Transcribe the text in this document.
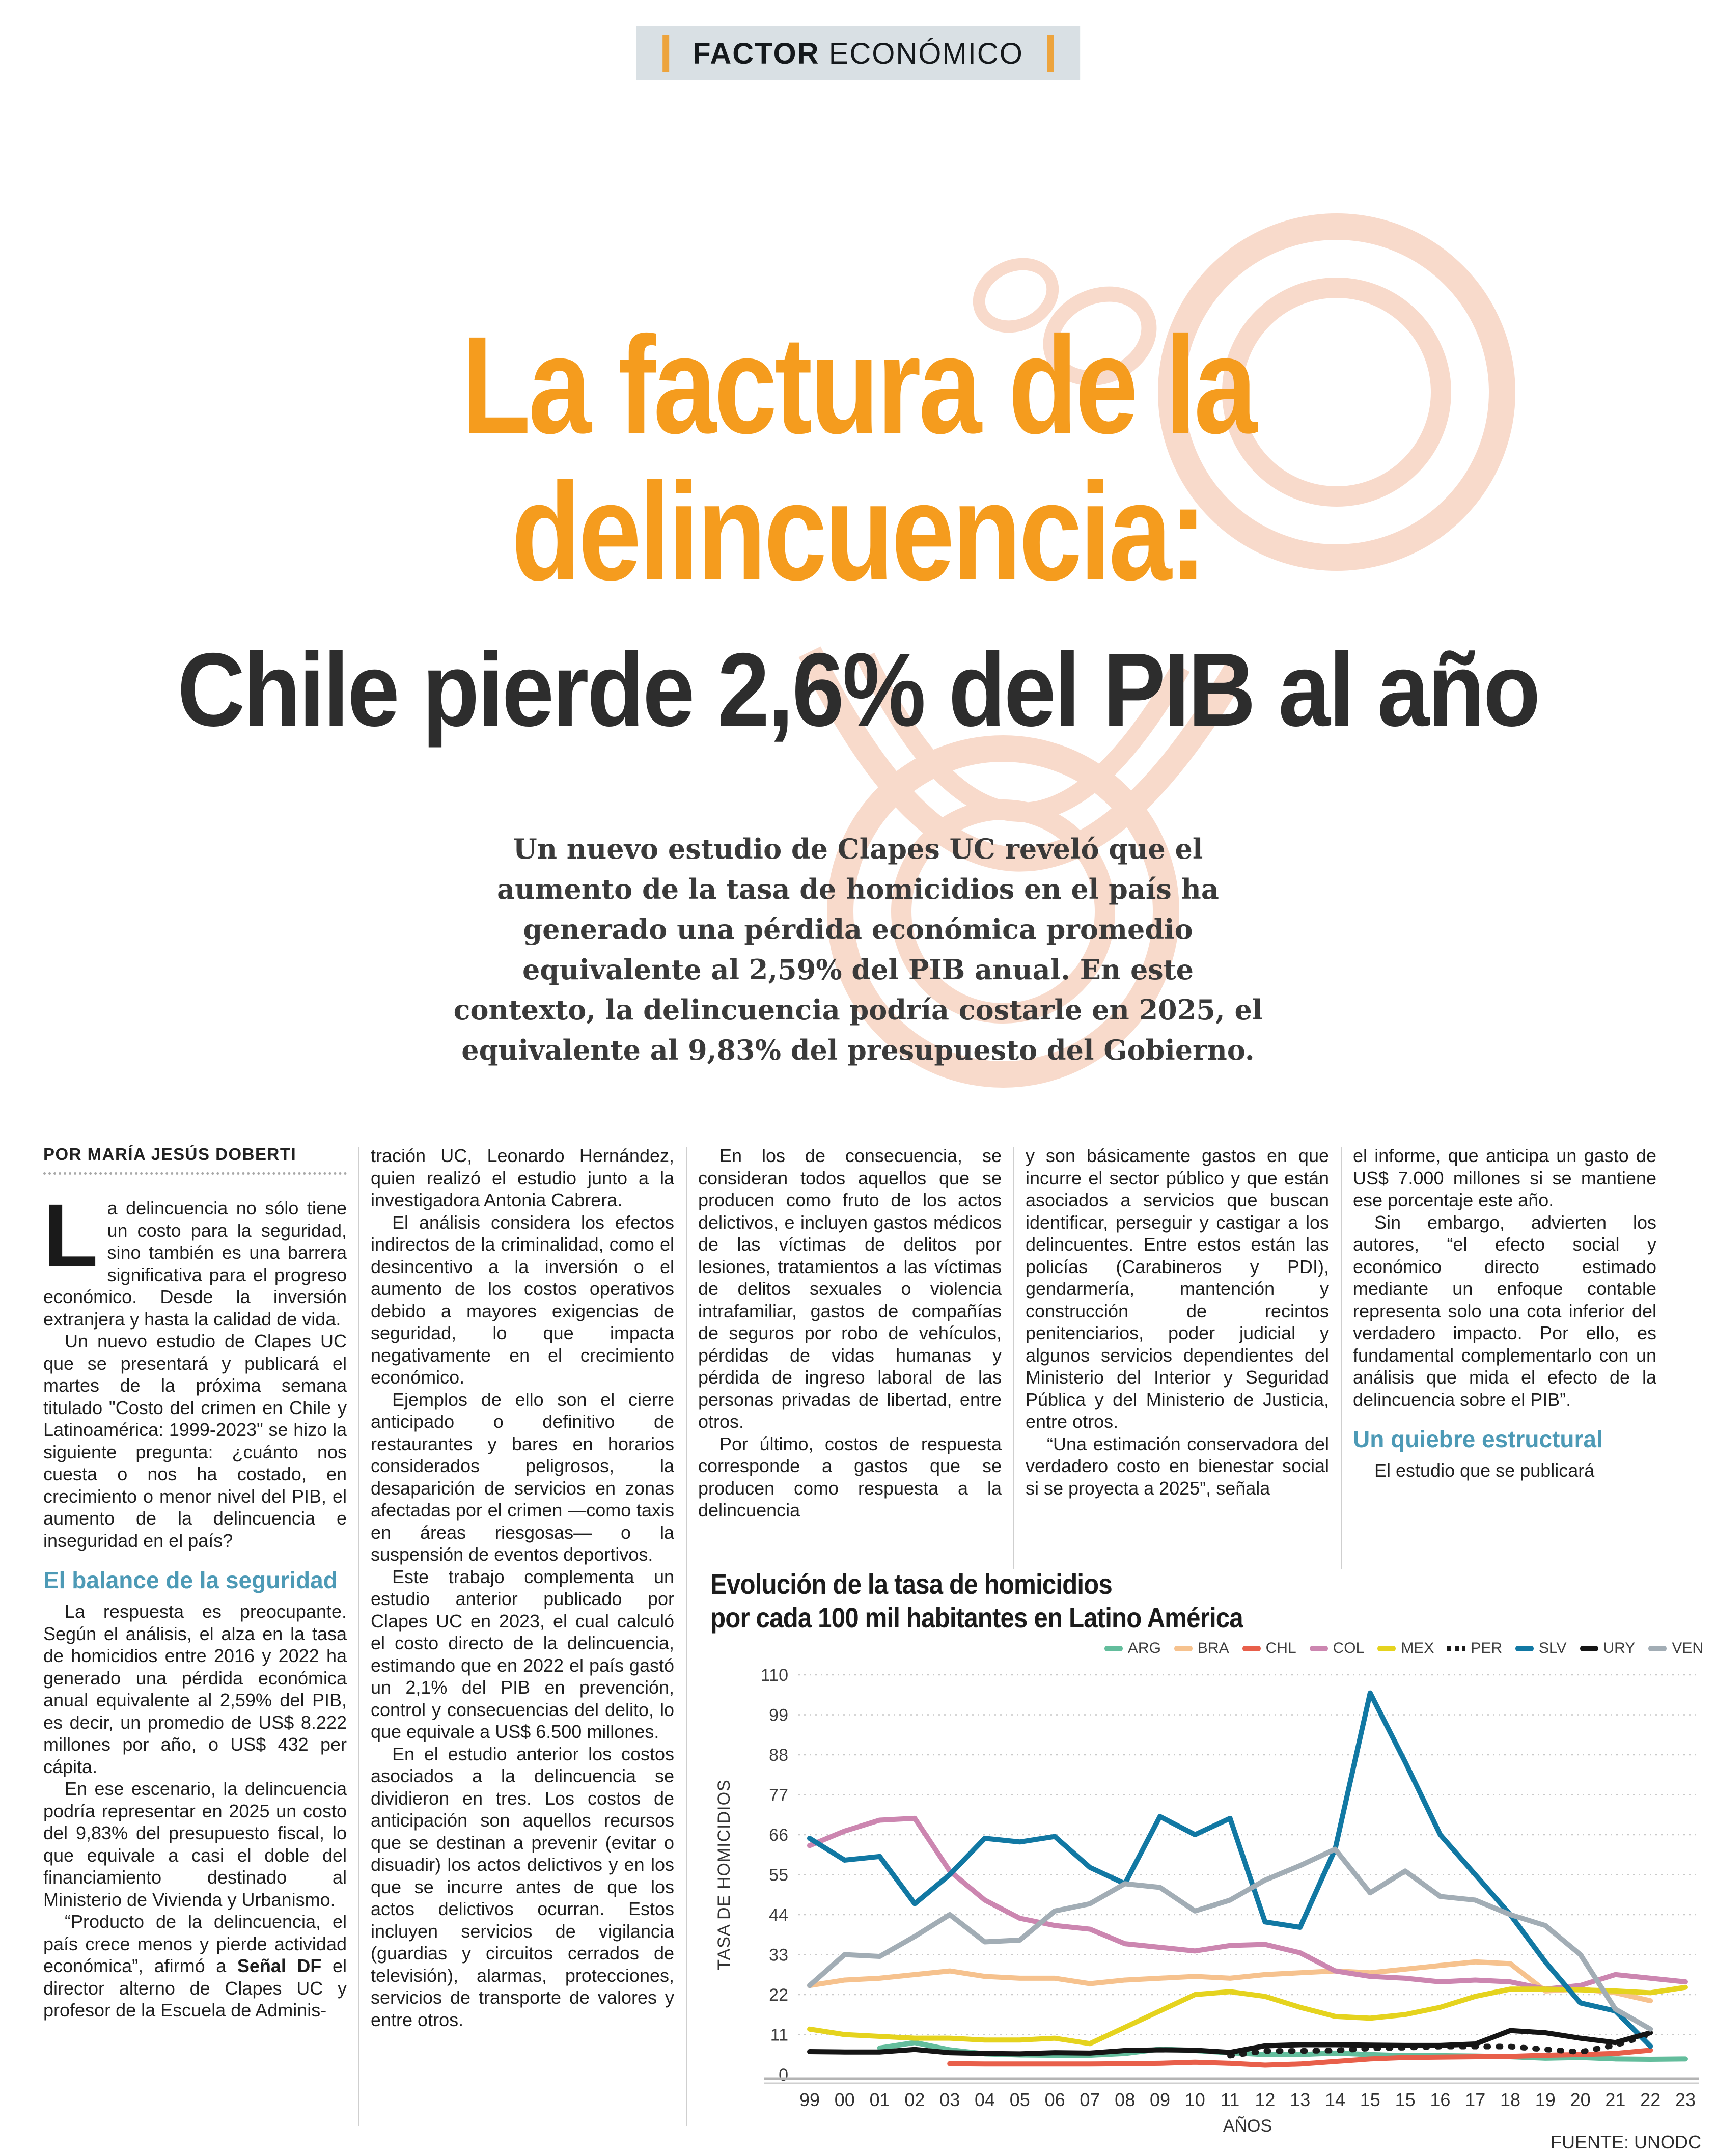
FACTOR ECONÓMICO
La factura de la
delincuencia:
Chile pierde 2,6% del PIB al año
Un nuevo estudio de Clapes UC reveló que el aumento de la tasa de homicidios en el país ha generado una pérdida económica promedio equivalente al 2,59% del PIB anual. En este contexto, la delincuencia podría costarle en 2025, el equivalente al 9,83% del presupuesto del Gobierno.
POR MARÍA JESÚS DOBERTI

La delincuencia no sólo tiene un costo para la seguridad, sino también es una barrera significativa para el progreso económico. Desde la inversión extranjera y hasta la calidad de vida.

Un nuevo estudio de Clapes UC que se presentará y publicará el martes de la próxima semana titulado "Costo del crimen en Chile y Latinoamérica: 1999-2023" se hizo la siguiente pregunta: ¿cuánto nos cuesta o nos ha costado, en crecimiento o menor nivel del PIB, el aumento de la delincuencia e inseguridad en el país?

El balance de la seguridad

La respuesta es preocupante. Según el análisis, el alza en la tasa de homicidios entre 2016 y 2022 ha generado una pérdida económica anual equivalente al 2,59% del PIB, es decir, un promedio de US$ 8.222 millones por año, o US$ 432 per cápita.

En ese escenario, la delincuencia podría representar en 2025 un costo del 9,83% del presupuesto fiscal, lo que equivale a casi el doble del financiamiento destinado al Ministerio de Vivienda y Urbanismo.

“Producto de la delincuencia, el país crece menos y pierde actividad económica”, afirmó a Señal DF el director alterno de Clapes UC y profesor de la Escuela de Adminis-

tración UC, Leonardo Hernández, quien realizó el estudio junto a la investigadora Antonia Cabrera.

El análisis considera los efectos indirectos de la criminalidad, como el desincentivo a la inversión o el aumento de los costos operativos debido a mayores exigencias de seguridad, lo que impacta negativamente en el crecimiento económico.

Ejemplos de ello son el cierre anticipado o definitivo de restaurantes y bares en horarios considerados peligrosos, la desaparición de servicios en zonas afectadas por el crimen —como taxis en áreas riesgosas— o la suspensión de eventos deportivos.

Este trabajo complementa un estudio anterior publicado por Clapes UC en 2023, el cual calculó el costo directo de la delincuencia, estimando que en 2022 el país gastó un 2,1% del PIB en prevención, control y consecuencias del delito, lo que equivale a US$ 6.500 millones.

En el estudio anterior los costos asociados a la delincuencia se dividieron en tres. Los costos de anticipación son aquellos recursos que se destinan a prevenir (evitar o disuadir) los actos delictivos y en los que se incurre antes de que los actos delictivos ocurran. Estos incluyen servicios de vigilancia (guardias y circuitos cerrados de televisión), alarmas, protecciones, servicios de transporte de valores y entre otros.

En los de consecuencia, se consideran todos aquellos que se producen como fruto de los actos delictivos, e incluyen gastos médicos de las víctimas de delitos por lesiones, tratamientos a las víctimas de delitos sexuales o violencia intrafamiliar, gastos de compañías de seguros por robo de vehículos, pérdidas de vidas humanas y pérdida de ingreso laboral de las personas privadas de libertad, entre otros.

Por último, costos de respuesta corresponde a gastos que se producen como respuesta a la delincuencia

y son básicamente gastos en que incurre el sector público y que están asociados a servicios que buscan identificar, perseguir y castigar a los delincuentes. Entre estos están las policías (Carabineros y PDI), gendarmería, mantención y construcción de recintos penitenciarios, poder judicial y algunos servicios dependientes del Ministerio del Interior y Seguridad Pública y del Ministerio de Justicia, entre otros.

“Una estimación conservadora del verdadero costo en bienestar social si se proyecta a 2025”, señala

el informe, que anticipa un gasto de US$ 7.000 millones si se mantiene ese porcentaje este año.

Sin embargo, advierten los autores, “el efecto social y económico directo estimado mediante un enfoque contable representa solo una cota inferior del verdadero impacto. Por ello, es fundamental complementarlo con un análisis que mida el efecto de la delincuencia sobre el PIB”.

Un quiebre estructural

El estudio que se publicará

Evolución de la tasa de homicidios
por cada 100 mil habitantes en Latino América
ARG BRA CHL COL MEX PER SLV URY VEN
0
11
22
33
44
55
66
77
88
99
110
99 00 01 02 03 04 05 06 07 08 09 10 11 12 13 14 15 15 16 17 18 19 20 21 22 23
AÑOS
TASA DE HOMICIDIOS
FUENTE: UNODC
